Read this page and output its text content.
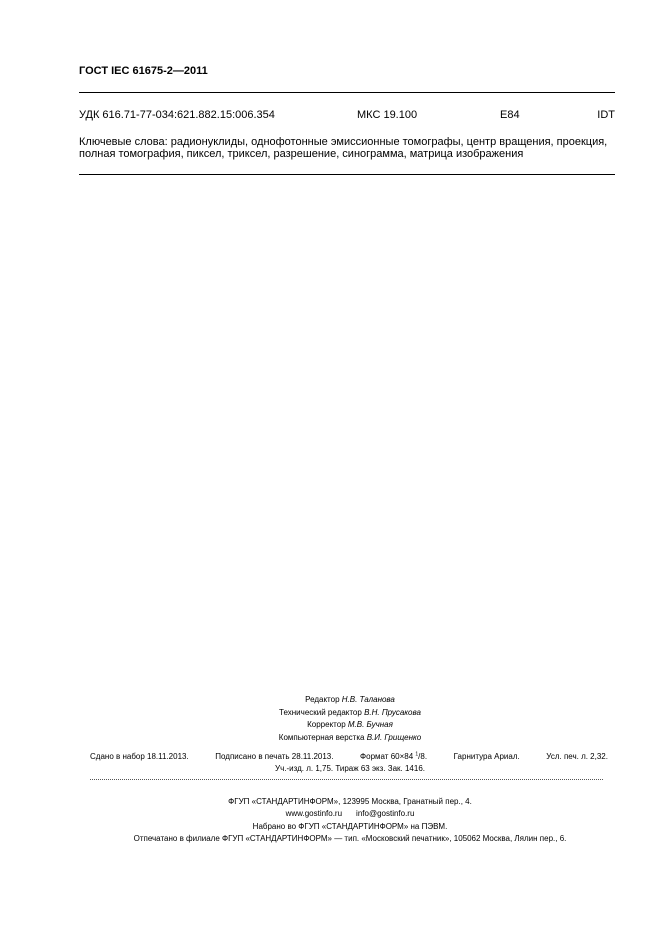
ГОСТ IEC 61675-2—2011
УДК 616.71-77-034:621.882.15:006.354	МКС 19.100	Е84	IDT
Ключевые слова: радионуклиды, однофотонные эмиссионные томографы, центр вращения, проекция, полная томография, пиксел, триксел, разрешение, синограмма, матрица изображения
Редактор Н.В. Таланова
Технический редактор В.Н. Прусакова
Корректор М.В. Бучная
Компьютерная верстка В.И. Грищенко
Сдано в набор 18.11.2013.	Подписано в печать 28.11.2013.	Формат 60×84 $^1$/8.	Гарнитура Ариал.	Усл. печ. л. 2,32.
Уч.-изд. л. 1,75. Тираж 63 экз. Зак. 1416.
ФГУП «СТАНДАРТИНФОРМ», 123995 Москва, Гранатный пер., 4.
www.gostinfo.ru info@gostinfo.ru
Набрано во ФГУП «СТАНДАРТИНФОРМ» на ПЭВМ.
Отпечатано в филиале ФГУП «СТАНДАРТИНФОРМ» — тип. «Московский печатник», 105062 Москва, Лялин пер., 6.
